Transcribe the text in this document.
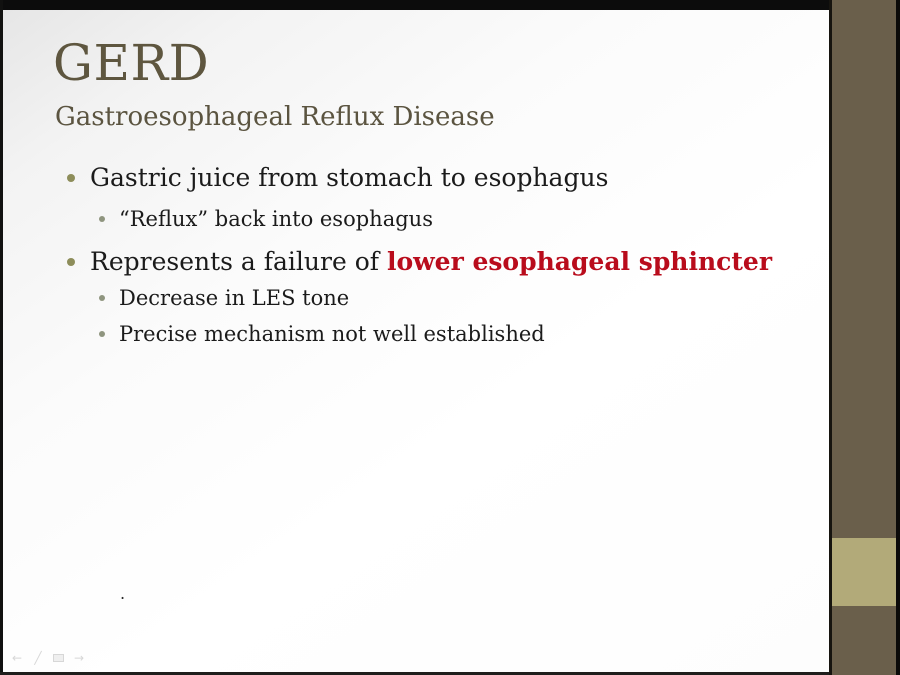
GERD
Gastroesophageal Reflux Disease
Gastric juice from stomach to esophagus
“Reflux” back into esophagus
Represents a failure of lower esophageal sphincter
Decrease in LES tone
Precise mechanism not well established
.
← ╱	→
